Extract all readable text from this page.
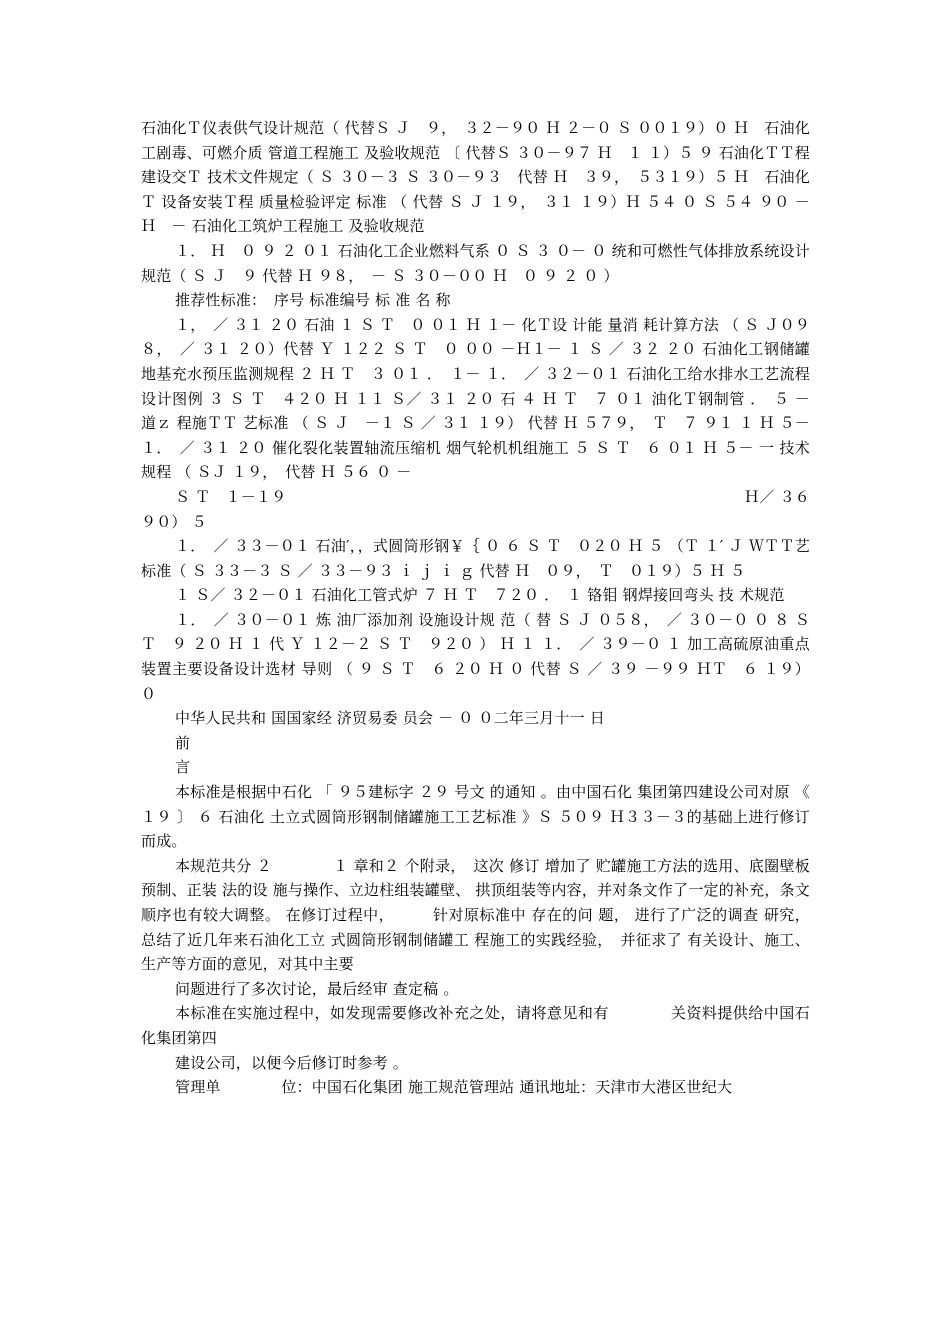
石油化Ｔ仪表供气设计规范（ 代替Ｓ Ｊ　９，　３２－９０ Ｈ ２－０ Ｓ ００１９）０ Ｈ　石油化工剧毒、可燃介质 管道工程施工 及验收规范 〔 代替Ｓ ３０－９７ Ｈ　１ １）５ ９ 石油化ＴＴ程建设交Ｔ 技术文件规定（ Ｓ ３０－３ Ｓ ３０－９３　代替 Ｈ　３９，　５３１９）５ Ｈ　石油化Ｔ 设备安装Ｔ程 质量检验评定 标准 （ 代替 Ｓ Ｊ １９，　３１ １９）Ｈ ５４ ０ Ｓ ５４ ９０ － Ｈ　－ 石油化工筑炉工程施工 及验收规范

１． Ｈ　０ ９ ２ ０１ 石油化工企业燃料气系 ０ Ｓ ３ ０－ ０ 统和可燃性气体排放系统设计规范（ Ｓ Ｊ　９ 代替 Ｈ ９８，　－ Ｓ ３０－００ Ｈ　０ ９ ２ ０ ）

推荐性标准：　序号 标准编号 标 准 名 称

１，　／ ３１ ２０ 石油 １ Ｓ Ｔ　０ ０１ Ｈ １－ 化Ｔ设 计能 量消 耗计算方法 （ Ｓ Ｊ０９８，　／ ３１ ２０）代替 Ｙ １２２ Ｓ Ｔ　０ ００ －Ｈ１－ １ Ｓ ／ ３２ ２０ 石油化工钢储罐地基充水预压监测规程 ２ Ｈ Ｔ　３ ０１ ．　１－ １．　／ ３２－０１ 石油化工给水排水工艺流程设计图例 ３ Ｓ Ｔ　４２０ Ｈ １１ Ｓ／ ３１ ２０ 石 ４ Ｈ Ｔ　７ ０１ 油化Ｔ钢制管 ．　５ － 道ｚ 程施ＴＴ 艺标准 （ Ｓ Ｊ　－１ Ｓ ／ ３１ １９） 代替 Ｈ ５７９，　Ｔ　７ ９１ １ Ｈ ５－ １．　／ ３１ ２０ 催化裂化装置轴流压缩机 烟气轮机机组施工 ５ Ｓ Ｔ　６ ０１ Ｈ ５－ 一 技术规程 （ ＳＪ １９，　代替 Ｈ ５６ ０ －

Ｓ Ｔ　１－１９	Ｈ／ ３６

９０） ５

１．　／ ３３－０１ 石油′，，式圆筒形钢￥｛ ０ ６ Ｓ Ｔ　０２０ Ｈ ５ （Ｔ １′ Ｊ ＷＴＴ艺标准（ Ｓ ３３－３ Ｓ ／ ３３－９３ ｉ ｊ ｉ ｇ 代替 Ｈ　０９，　Ｔ　０１９）５ Ｈ ５

１ Ｓ／ ３２－０１ 石油化工管式炉 ７ Ｈ Ｔ　７２０ ．　１ 铬钼 钢焊接回弯头 技 术规范

１．　／ ３０－０１ 炼 油厂添加剂 设施设计规 范（ 替 Ｓ Ｊ ０５８，　／ ３０－０ ０ ８ Ｓ Ｔ　９ ２０ Ｈ １ 代 Ｙ １２－２ Ｓ Ｔ　９２０ ） Ｈ １ １．　／ ３９－０ １ 加工高硫原油重点装置主要设备设计选材 导则 （ ９ Ｓ Ｔ　６ ２０ Ｈ ０ 代替 Ｓ ／ ３９ －９９ ＨＴ　６ １９） ０

中华人民共和 国国家经 济贸易委 员会 － ０ ０二年三月十一 日

前

言

本标准是根据中石化 「 ９５建标字 ２９ 号文 的通知 。由中国石化 集团第四建设公司对原 《　　　１９ 〕 ６ 石油化 土立式圆筒形钢制储罐施工工艺标准 》Ｓ ５０９ Ｈ３３－３的基础上进行修订而成。

本规范共分 ２　　　　１ 章和２ 个附录，　这次 修订 增加了 贮罐施工方法的选用、底圈壁板预制、正装 法的设 施与操作、立边柱组装罐壁、 拱顶组装等内容，并对条文作了一定的补充，条文顺序也有较大调整。 在修订过程中，　　　针对原标准中 存在的问 题， 进行了广泛的调查 研究，总结了近几年来石油化工立 式圆筒形钢制储罐工 程施工的实践经验，　并征求了 有关设计、施工、生产等方面的意见，对其中主要

问题进行了多次讨论，最后经审 查定稿 。

本标准在实施过程中，如发现需要修改补充之处，请将意见和有　　　　关资料提供给中国石化集团第四

建设公司，以便今后修订时参考 。

管理单　　　　位：中国石化集团 施工规范管理站 通讯地址：天津市大港区世纪大
